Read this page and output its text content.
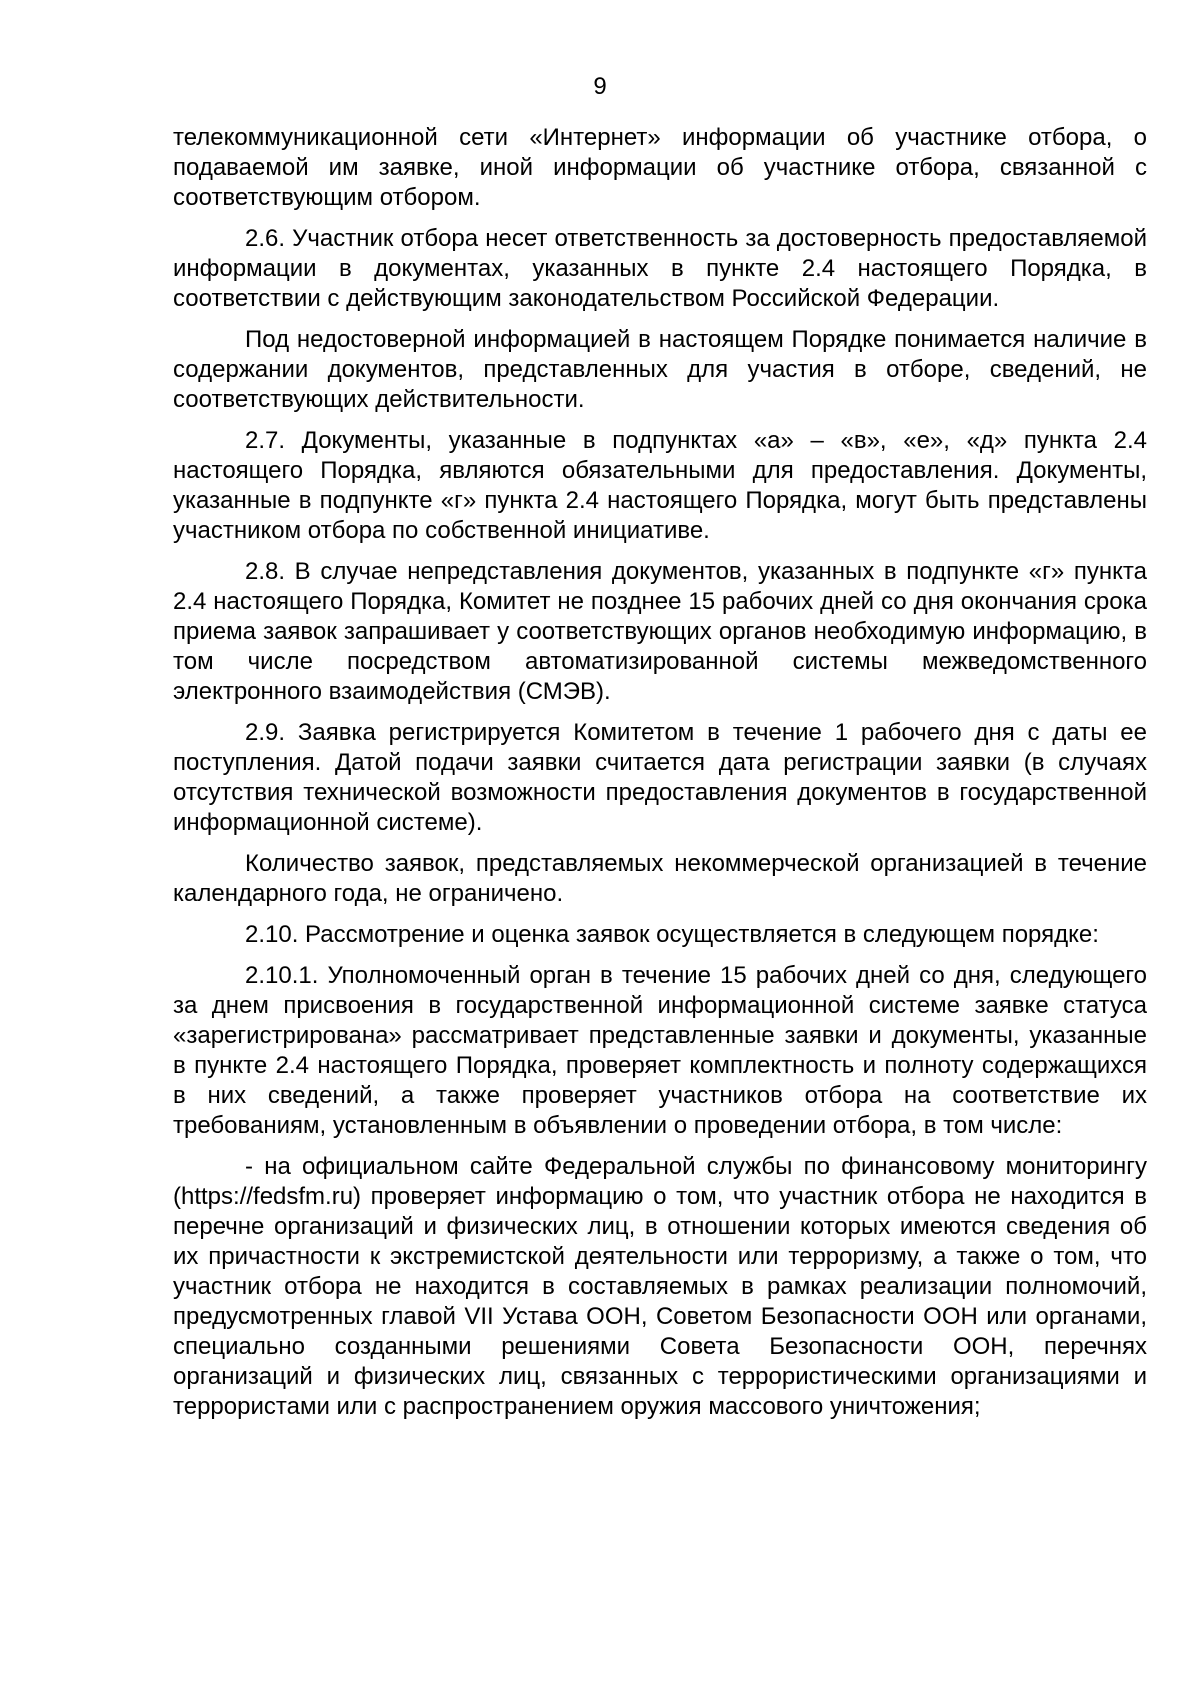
9

телекоммуникационной сети «Интернет» информации об участнике отбора, о подаваемой им заявке, иной информации об участнике отбора, связанной с соответствующим отбором.

2.6. Участник отбора несет ответственность за достоверность предоставляемой информации в документах, указанных в пункте 2.4 настоящего Порядка, в соответствии с действующим законодательством Российской Федерации.

Под недостоверной информацией в настоящем Порядке понимается наличие в содержании документов, представленных для участия в отборе, сведений, не соответствующих действительности.

2.7. Документы, указанные в подпунктах «а» – «в», «е», «д» пункта 2.4 настоящего Порядка, являются обязательными для предоставления. Документы, указанные в подпункте «г» пункта 2.4 настоящего Порядка, могут быть представлены участником отбора по собственной инициативе.

2.8. В случае непредставления документов, указанных в подпункте «г» пункта 2.4 настоящего Порядка, Комитет не позднее 15 рабочих дней со дня окончания срока приема заявок запрашивает у соответствующих органов необходимую информацию, в том числе посредством автоматизированной системы межведомственного электронного взаимодействия (СМЭВ).

2.9. Заявка регистрируется Комитетом в течение 1 рабочего дня с даты ее поступления. Датой подачи заявки считается дата регистрации заявки (в случаях отсутствия технической возможности предоставления документов в государственной информационной системе).

Количество заявок, представляемых некоммерческой организацией в течение календарного года, не ограничено.

2.10. Рассмотрение и оценка заявок осуществляется в следующем порядке:

2.10.1. Уполномоченный орган в течение 15 рабочих дней со дня, следующего за днем присвоения в государственной информационной системе заявке статуса «зарегистрирована» рассматривает представленные заявки и документы, указанные в пункте 2.4 настоящего Порядка, проверяет комплектность и полноту содержащихся в них сведений, а также проверяет участников отбора на соответствие их требованиям, установленным в объявлении о проведении отбора, в том числе:

- на официальном сайте Федеральной службы по финансовому мониторингу (https://fedsfm.ru) проверяет информацию о том, что участник отбора не находится в перечне организаций и физических лиц, в отношении которых имеются сведения об их причастности к экстремистской деятельности или терроризму, а также о том, что участник отбора не находится в составляемых в рамках реализации полномочий, предусмотренных главой VII Устава ООН, Советом Безопасности ООН или органами, специально созданными решениями Совета Безопасности ООН, перечнях организаций и физических лиц, связанных с террористическими организациями и террористами или с распространением оружия массового уничтожения;
